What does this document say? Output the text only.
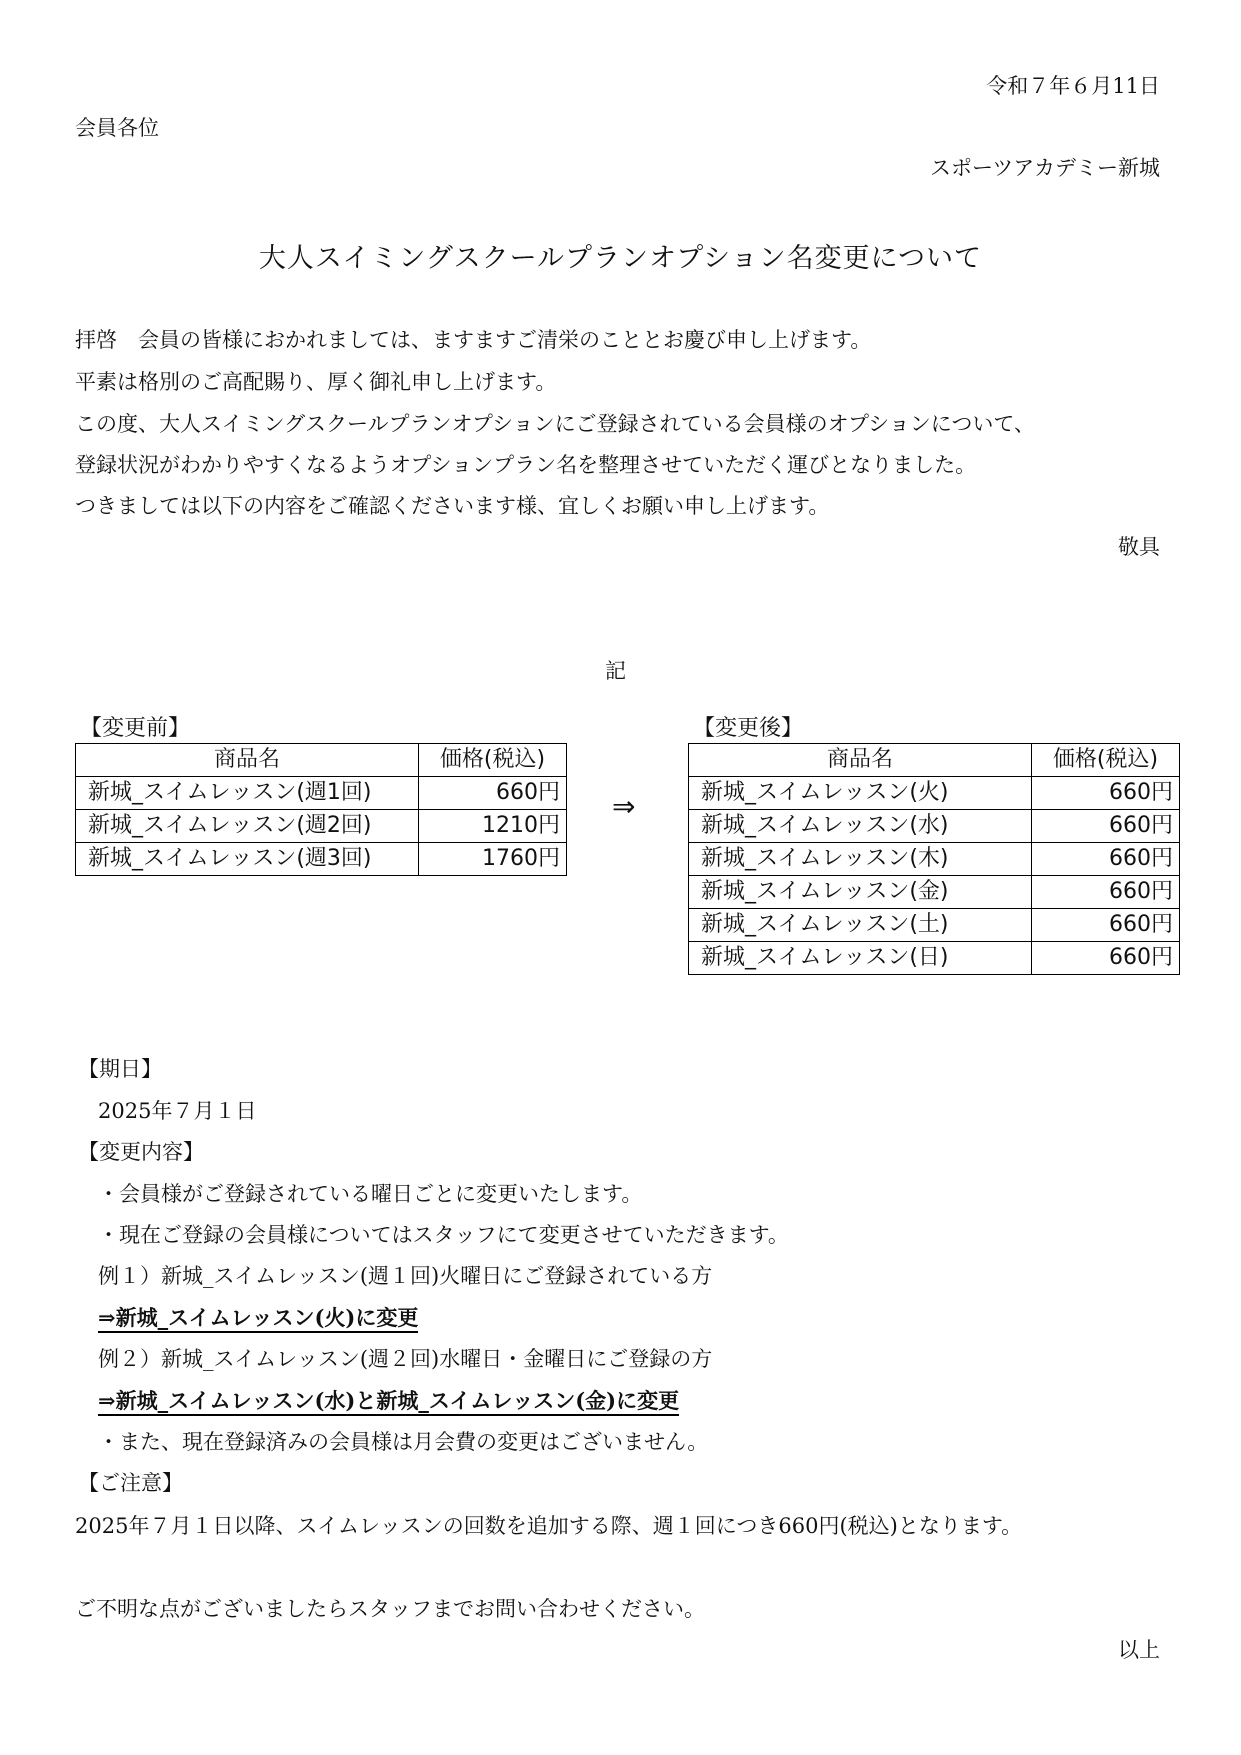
令和７年６月11日
会員各位
スポーツアカデミー新城
大人スイミングスクールプランオプション名変更について
拝啓　会員の皆様におかれましては、ますますご清栄のこととお慶び申し上げます。
平素は格別のご高配賜り、厚く御礼申し上げます。
この度、大人スイミングスクールプランオプションにご登録されている会員様のオプションについて、
登録状況がわかりやすくなるようオプションプラン名を整理させていただく運びとなりました。
つきましては以下の内容をご確認くださいます様、宜しくお願い申し上げます。
敬具
記
【変更前】
商品名	価格(税込)
新城_スイムレッスン(週1回)	660円
新城_スイムレッスン(週2回)	1210円
新城_スイムレッスン(週3回)	1760円
⇒
【変更後】
商品名	価格(税込)
新城_スイムレッスン(火)	660円
新城_スイムレッスン(水)	660円
新城_スイムレッスン(木)	660円
新城_スイムレッスン(金)	660円
新城_スイムレッスン(土)	660円
新城_スイムレッスン(日)	660円
【期日】
2025年７月１日
【変更内容】
・会員様がご登録されている曜日ごとに変更いたします。
・現在ご登録の会員様についてはスタッフにて変更させていただきます。
例１）新城_スイムレッスン(週１回)火曜日にご登録されている方
⇒新城_スイムレッスン(火)に変更
例２）新城_スイムレッスン(週２回)水曜日・金曜日にご登録の方
⇒新城_スイムレッスン(水)と新城_スイムレッスン(金)に変更
・また、現在登録済みの会員様は月会費の変更はございません。
【ご注意】
2025年７月１日以降、スイムレッスンの回数を追加する際、週１回につき660円(税込)となります。
ご不明な点がございましたらスタッフまでお問い合わせください。
以上
